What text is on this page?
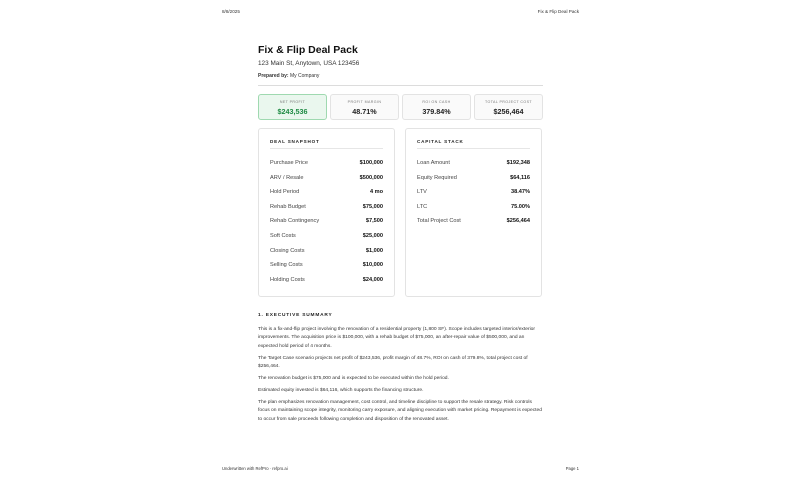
8/8/2025	Fix & Flip Deal Pack
Fix & Flip Deal Pack
123 Main St, Anytown, USA 123456
Prepared by: My Company
NET PROFIT
$243,536
PROFIT MARGIN
48.71%
ROI ON CASH
379.84%
TOTAL PROJECT COST
$256,464
DEAL SNAPSHOT
Purchase Price	$100,000
ARV / Resale	$500,000
Hold Period	4 mo
Rehab Budget	$75,000
Rehab Contingency	$7,500
Soft Costs	$25,000
Closing Costs	$1,000
Selling Costs	$10,000
Holding Costs	$24,000
CAPITAL STACK
Loan Amount	$192,348
Equity Required	$64,116
LTV	38.47%
LTC	75.00%
Total Project Cost	$256,464
1. EXECUTIVE SUMMARY

This is a fix-and-flip project involving the renovation of a residential property (1,800 SF). Scope includes targeted interior/exterior improvements. The acquisition price is $100,000, with a rehab budget of $75,000, an after-repair value of $500,000, and an expected hold period of 4 months.

The Target Case scenario projects net profit of $243,536, profit margin of 48.7%, ROI on cash of 379.8%, total project cost of $256,464.

The renovation budget is $75,000 and is expected to be executed within the hold period.

Estimated equity invested is $64,116, which supports the financing structure.

The plan emphasizes renovation management, cost control, and timeline discipline to support the resale strategy. Risk controls focus on maintaining scope integrity, monitoring carry exposure, and aligning execution with market pricing. Repayment is expected to occur from sale proceeds following completion and disposition of the renovated asset.

Underwritten with RefPro · refpro.ai	Page 1
